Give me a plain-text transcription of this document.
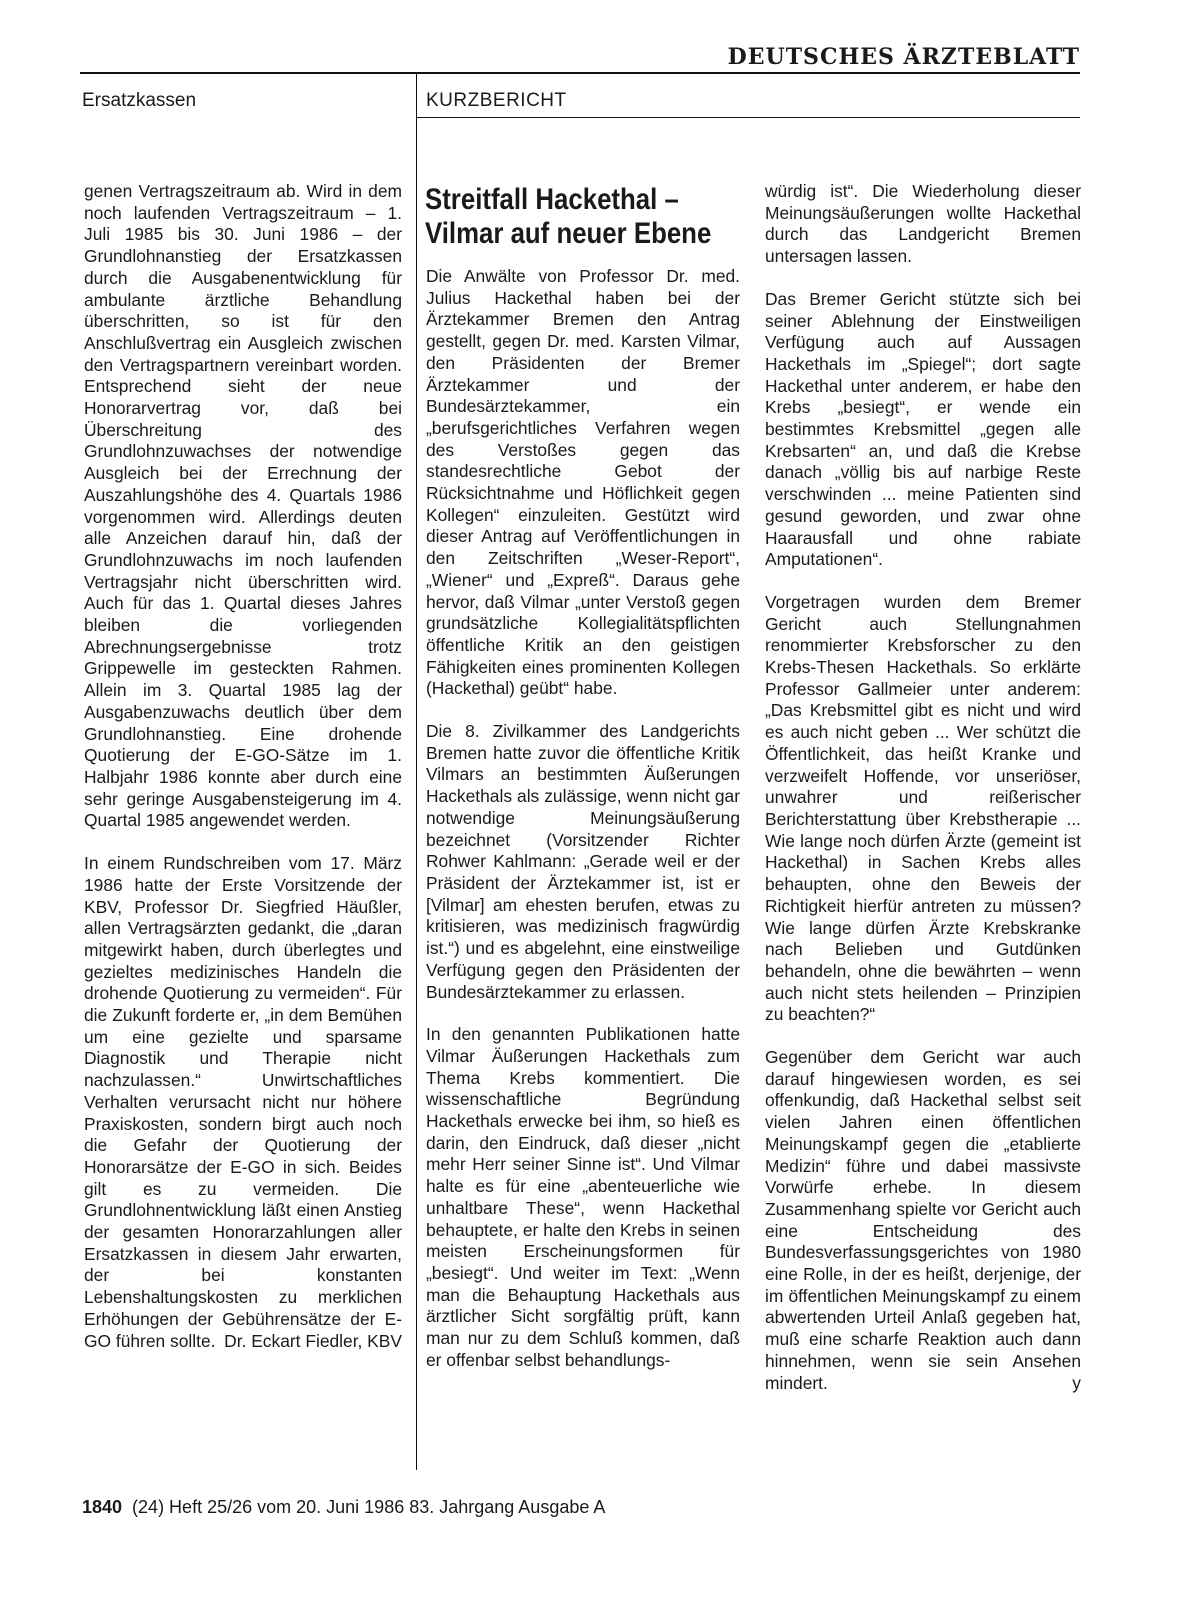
DEUTSCHES ÄRZTEBLATT
Ersatzkassen	KURZBERICHT

genen Vertragszeitraum ab. Wird in dem noch laufenden Vertragszeitraum – 1. Juli 1985 bis 30. Juni 1986 – der Grundlohnanstieg der Ersatzkassen durch die Ausgabenentwicklung für ambulante ärztliche Behandlung überschritten, so ist für den Anschlußvertrag ein Ausgleich zwischen den Vertragspartnern vereinbart worden. Entsprechend sieht der neue Honorarvertrag vor, daß bei Überschreitung des Grundlohnzuwachses der notwendige Ausgleich bei der Errechnung der Auszahlungshöhe des 4. Quartals 1986 vorgenommen wird. Allerdings deuten alle Anzeichen darauf hin, daß der Grundlohnzuwachs im noch laufenden Vertragsjahr nicht überschritten wird. Auch für das 1. Quartal dieses Jahres bleiben die vorliegenden Abrechnungsergebnisse trotz Grippewelle im gesteckten Rahmen. Allein im 3. Quartal 1985 lag der Ausgabenzuwachs deutlich über dem Grundlohnanstieg. Eine drohende Quotierung der E-GO-Sätze im 1. Halbjahr 1986 konnte aber durch eine sehr geringe Ausgabensteigerung im 4. Quartal 1985 angewendet werden.

In einem Rundschreiben vom 17. März 1986 hatte der Erste Vorsitzende der KBV, Professor Dr. Siegfried Häußler, allen Vertragsärzten gedankt, die „daran mitgewirkt haben, durch überlegtes und gezieltes medizinisches Handeln die drohende Quotierung zu vermeiden“. Für die Zukunft forderte er, „in dem Bemühen um eine gezielte und sparsame Diagnostik und Therapie nicht nachzulassen.“ Unwirtschaftliches Verhalten verursacht nicht nur höhere Praxiskosten, sondern birgt auch noch die Gefahr der Quotierung der Honorarsätze der E-GO in sich. Beides gilt es zu vermeiden. Die Grundlohnentwicklung läßt einen Anstieg der gesamten Honorarzahlungen aller Ersatzkassen in diesem Jahr erwarten, der bei konstanten Lebenshaltungskosten zu merklichen Erhöhungen der Gebührensätze der E-GO führen sollte. Dr. Eckart Fiedler, KBV

Streitfall Hackethal –
Vilmar auf neuer Ebene

Die Anwälte von Professor Dr. med. Julius Hackethal haben bei der Ärztekammer Bremen den Antrag gestellt, gegen Dr. med. Karsten Vilmar, den Präsidenten der Bremer Ärztekammer und der Bundesärztekammer, ein „berufsgerichtliches Verfahren wegen des Verstoßes gegen das standesrechtliche Gebot der Rücksichtnahme und Höflichkeit gegen Kollegen“ einzuleiten. Gestützt wird dieser Antrag auf Veröffentlichungen in den Zeitschriften „Weser-Report“, „Wiener“ und „Expreß“. Daraus gehe hervor, daß Vilmar „unter Verstoß gegen grundsätzliche Kollegialitätspflichten öffentliche Kritik an den geistigen Fähigkeiten eines prominenten Kollegen (Hackethal) geübt“ habe.

Die 8. Zivilkammer des Landgerichts Bremen hatte zuvor die öffentliche Kritik Vilmars an bestimmten Äußerungen Hackethals als zulässige, wenn nicht gar notwendige Meinungsäußerung bezeichnet (Vorsitzender Richter Rohwer Kahlmann: „Gerade weil er der Präsident der Ärztekammer ist, ist er [Vilmar] am ehesten berufen, etwas zu kritisieren, was medizinisch fragwürdig ist.“) und es abgelehnt, eine einstweilige Verfügung gegen den Präsidenten der Bundesärztekammer zu erlassen.

In den genannten Publikationen hatte Vilmar Äußerungen Hackethals zum Thema Krebs kommentiert. Die wissenschaftliche Begründung Hackethals erwecke bei ihm, so hieß es darin, den Eindruck, daß dieser „nicht mehr Herr seiner Sinne ist“. Und Vilmar halte es für eine „abenteuerliche wie unhaltbare These“, wenn Hackethal behauptete, er halte den Krebs in seinen meisten Erscheinungsformen für „besiegt“. Und weiter im Text: „Wenn man die Behauptung Hackethals aus ärztlicher Sicht sorgfältig prüft, kann man nur zu dem Schluß kommen, daß er offenbar selbst behandlungs-

würdig ist“. Die Wiederholung dieser Meinungsäußerungen wollte Hackethal durch das Landgericht Bremen untersagen lassen.

Das Bremer Gericht stützte sich bei seiner Ablehnung der Einstweiligen Verfügung auch auf Aussagen Hackethals im „Spiegel“; dort sagte Hackethal unter anderem, er habe den Krebs „besiegt“, er wende ein bestimmtes Krebsmittel „gegen alle Krebsarten“ an, und daß die Krebse danach „völlig bis auf narbige Reste verschwinden ... meine Patienten sind gesund geworden, und zwar ohne Haarausfall und ohne rabiate Amputationen“.

Vorgetragen wurden dem Bremer Gericht auch Stellungnahmen renommierter Krebsforscher zu den Krebs-Thesen Hackethals. So erklärte Professor Gallmeier unter anderem: „Das Krebsmittel gibt es nicht und wird es auch nicht geben ... Wer schützt die Öffentlichkeit, das heißt Kranke und verzweifelt Hoffende, vor unseriöser, unwahrer und reißerischer Berichterstattung über Krebstherapie ... Wie lange noch dürfen Ärzte (gemeint ist Hackethal) in Sachen Krebs alles behaupten, ohne den Beweis der Richtigkeit hierfür antreten zu müssen? Wie lange dürfen Ärzte Krebskranke nach Belieben und Gutdünken behandeln, ohne die bewährten – wenn auch nicht stets heilenden – Prinzipien zu beachten?“

Gegenüber dem Gericht war auch darauf hingewiesen worden, es sei offenkundig, daß Hackethal selbst seit vielen Jahren einen öffentlichen Meinungskampf gegen die „etablierte Medizin“ führe und dabei massivste Vorwürfe erhebe. In diesem Zusammenhang spielte vor Gericht auch eine Entscheidung des Bundesverfassungsgerichtes von 1980 eine Rolle, in der es heißt, derjenige, der im öffentlichen Meinungskampf zu einem abwertenden Urteil Anlaß gegeben hat, muß eine scharfe Reaktion auch dann hinnehmen, wenn sie sein Ansehen mindert.	y

1840 (24) Heft 25/26 vom 20. Juni 1986 83. Jahrgang Ausgabe A
